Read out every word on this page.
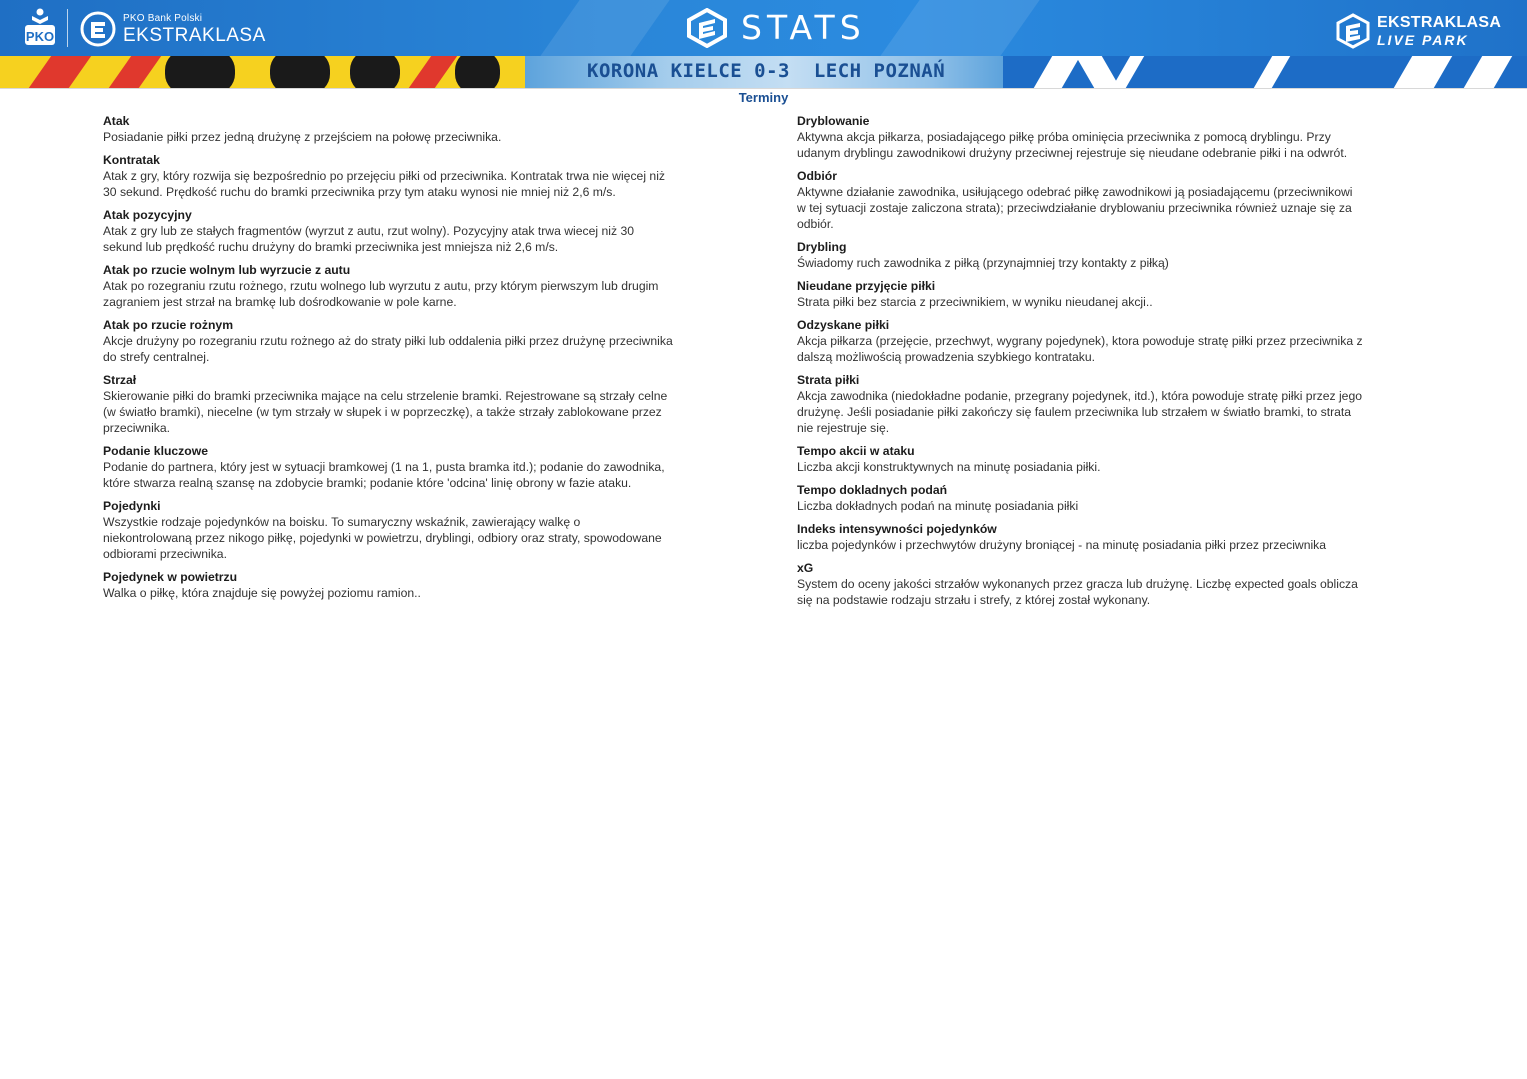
PKO
PKO Bank Polski
EKSTRAKLASA	STATS	EKSTRAKLASA
LIVE PARK
KORONA KIELCE 0-3  LECH POZNAŃ
Terminy
Atak
Posiadanie piłki przez jedną drużynę z przejściem na połowę przeciwnika.
Kontratak
Atak z gry, który rozwija się bezpośrednio po przejęciu piłki od przeciwnika. Kontratak trwa nie więcej niż
30 sekund. Prędkość ruchu do bramki przeciwnika przy tym ataku wynosi nie mniej niż 2,6 m/s.
Atak pozycyjny
Atak z gry lub ze stałych fragmentów (wyrzut z autu, rzut wolny). Pozycyjny atak trwa wiecej niż 30
sekund lub prędkość ruchu drużyny do bramki przeciwnika jest mniejsza niż 2,6 m/s.
Atak po rzucie wolnym lub wyrzucie z autu
Atak po rozegraniu rzutu rożnego, rzutu wolnego lub wyrzutu z autu, przy którym pierwszym lub drugim
zagraniem jest strzał na bramkę lub dośrodkowanie w pole karne.
Atak po rzucie rożnym
Akcje drużyny po rozegraniu rzutu rożnego aż do straty piłki lub oddalenia piłki przez drużynę przeciwnika
do strefy centralnej.
Strzał
Skierowanie piłki do bramki przeciwnika mające na celu strzelenie bramki. Rejestrowane są strzały celne
(w światło bramki), niecelne (w tym strzały w słupek i w poprzeczkę), a także strzały zablokowane przez
przeciwnika.
Podanie kluczowe
Podanie do partnera, który jest w sytuacji bramkowej (1 na 1, pusta bramka itd.); podanie do zawodnika,
które stwarza realną szansę na zdobycie bramki; podanie które 'odcina' linię obrony w fazie ataku.
Pojedynki
Wszystkie rodzaje pojedynków na boisku. To sumaryczny wskaźnik, zawierający walkę o
niekontrolowaną przez nikogo piłkę, pojedynki w powietrzu, dryblingi, odbiory oraz straty, spowodowane
odbiorami przeciwnika.
Pojedynek w powietrzu
Walka o piłkę, która znajduje się powyżej poziomu ramion..
Dryblowanie
Aktywna akcja piłkarza, posiadającego piłkę próba ominięcia przeciwnika z pomocą dryblingu. Przy
udanym dryblingu zawodnikowi drużyny przeciwnej rejestruje się nieudane odebranie piłki i na odwrót.
Odbiór
Aktywne działanie zawodnika, usiłującego odebrać piłkę zawodnikowi ją posiadającemu (przeciwnikowi
w tej sytuacji zostaje zaliczona strata); przeciwdziałanie dryblowaniu przeciwnika również uznaje się za
odbiór.
Drybling
Świadomy ruch zawodnika z piłką (przynajmniej trzy kontakty z piłką)
Nieudane przyjęcie piłki
Strata piłki bez starcia z przeciwnikiem, w wyniku nieudanej akcji..
Odzyskane piłki
Akcja piłkarza (przejęcie, przechwyt, wygrany pojedynek), ktora powoduje stratę piłki przez przeciwnika z
dalszą możliwością prowadzenia szybkiego kontrataku.
Strata piłki
Akcja zawodnika (niedokładne podanie, przegrany pojedynek, itd.), która powoduje stratę piłki przez jego
drużynę. Jeśli posiadanie piłki zakończy się faulem przeciwnika lub strzałem w światło bramki, to strata
nie rejestruje się.
Tempo akcii w ataku
Liczba akcji konstruktywnych na minutę posiadania piłki.
Tempo dokladnych podań
Liczba dokładnych podań na minutę posiadania piłki
Indeks intensywności pojedynków
liczba pojedynków i przechwytów drużyny broniącej - na minutę posiadania piłki przez przeciwnika
xG
System do oceny jakości strzałów wykonanych przez gracza lub drużynę. Liczbę expected goals oblicza
się na podstawie rodzaju strzału i strefy, z której został wykonany.
